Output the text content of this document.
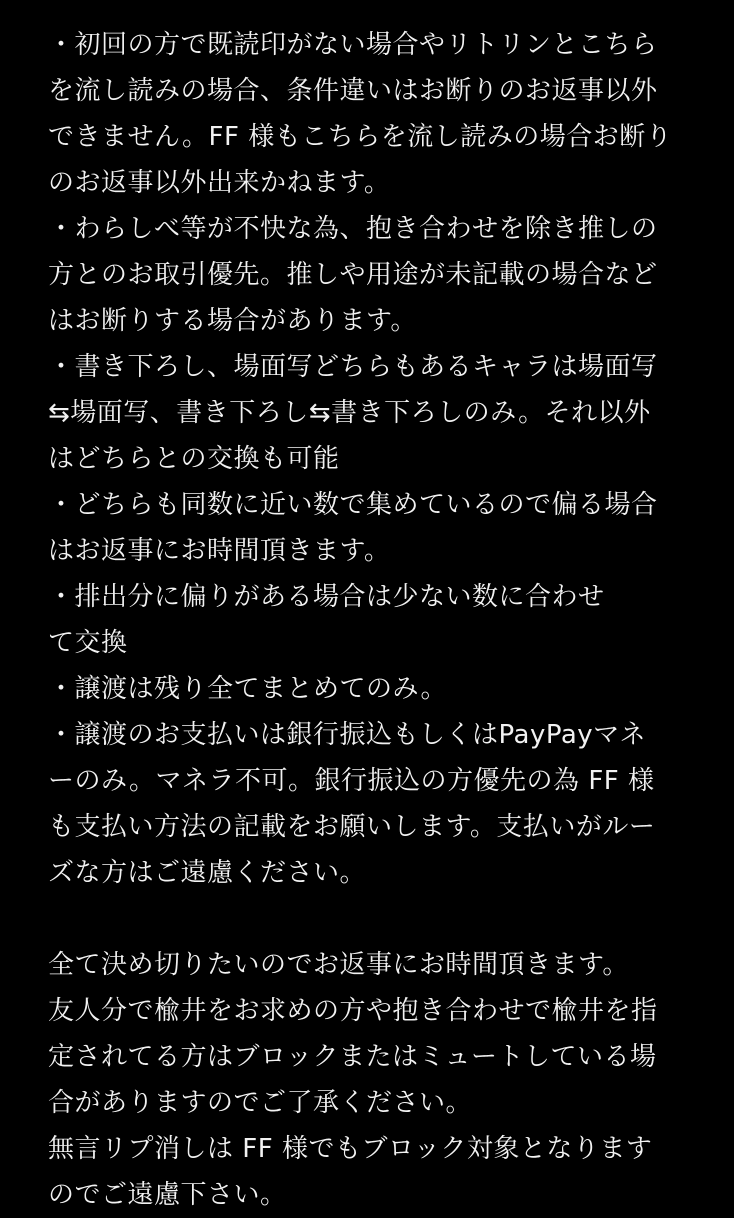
・初回の方で既読印がない場合やリトリンとこちら
を流し読みの場合、条件違いはお断りのお返事以外
できません。FF 様もこちらを流し読みの場合お断り
のお返事以外出来かねます。
・わらしべ等が不快な為、抱き合わせを除き推しの
方とのお取引優先。推しや用途が未記載の場合など
はお断りする場合があります。
・書き下ろし、場面写どちらもあるキャラは場面写
⇆場面写、書き下ろし⇆書き下ろしのみ。それ以外
はどちらとの交換も可能
・どちらも同数に近い数で集めているので偏る場合
はお返事にお時間頂きます。
・排出分に偏りがある場合は少ない数に合わせ
て交換
・譲渡は残り全てまとめてのみ。
・譲渡のお支払いは銀行振込もしくはPayPayマネ
ーのみ。マネラ不可。銀行振込の方優先の為 FF 様
も支払い方法の記載をお願いします。支払いがルー
ズな方はご遠慮ください。
全て決め切りたいのでお返事にお時間頂きます。
友人分で楡井をお求めの方や抱き合わせで楡井を指
定されてる方はブロックまたはミュートしている場
合がありますのでご了承ください。
無言リプ消しは FF 様でもブロック対象となります
のでご遠慮下さい。
